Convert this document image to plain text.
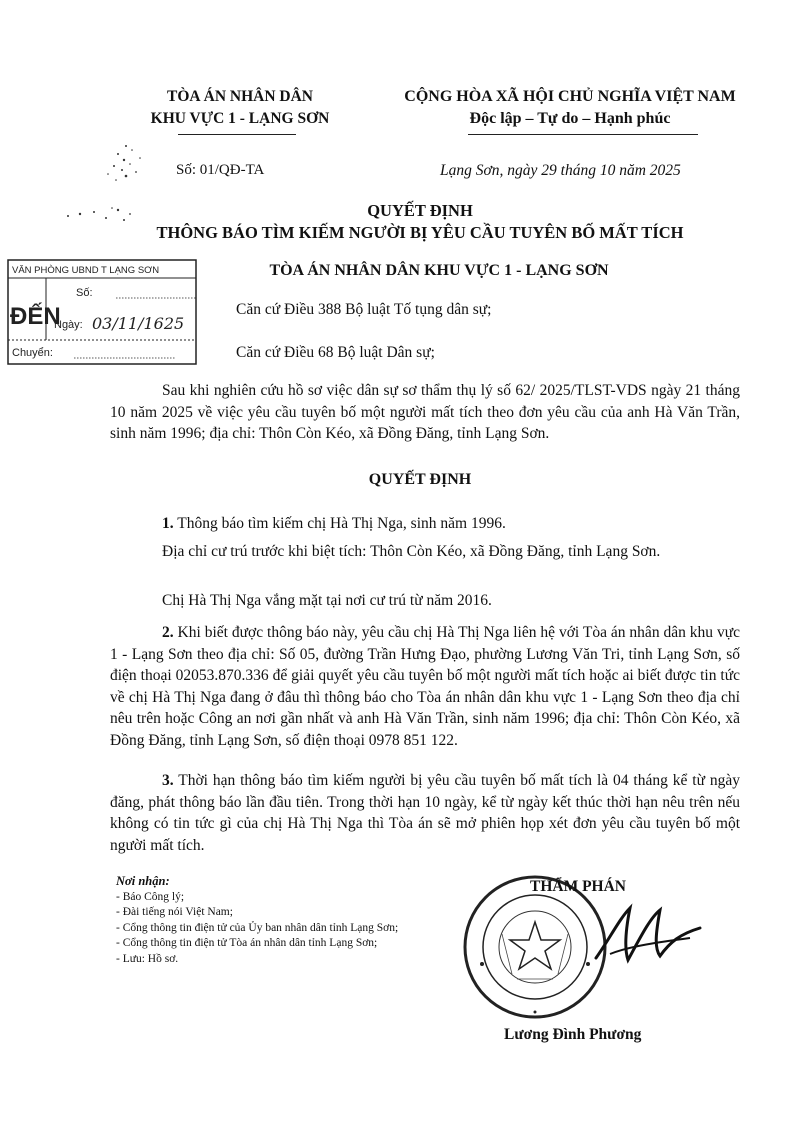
TÒA ÁN NHÂN DÂN
KHU VỰC 1 - LẠNG SƠN
CỘNG HÒA XÃ HỘI CHỦ NGHĨA VIỆT NAM
Độc lập – Tự do – Hạnh phúc
Số: 01/QĐ-TA	Lạng Sơn, ngày 29 tháng 10 năm 2025
QUYẾT ĐỊNH
THÔNG BÁO TÌM KIẾM NGƯỜI BỊ YÊU CẦU TUYÊN BỐ MẤT TÍCH
TÒA ÁN NHÂN DÂN KHU VỰC 1 - LẠNG SƠN
VĂN PHÒNG UBND T LẠNG SƠN
ĐẾN
Số:
Ngày: 03/11/1625
Chuyển:
Căn cứ Điều 388 Bộ luật Tố tụng dân sự;
Căn cứ Điều 68 Bộ luật Dân sự;
Sau khi nghiên cứu hồ sơ việc dân sự sơ thẩm thụ lý số 62/ 2025/TLST-VDS ngày 21 tháng 10 năm 2025 về việc yêu cầu tuyên bố một người mất tích theo đơn yêu cầu của anh Hà Văn Trần, sinh năm 1996; địa chỉ: Thôn Còn Kéo, xã Đồng Đăng, tỉnh Lạng Sơn.
QUYẾT ĐỊNH
1. Thông báo tìm kiếm chị Hà Thị Nga, sinh năm 1996.
Địa chỉ cư trú trước khi biệt tích: Thôn Còn Kéo, xã Đồng Đăng, tỉnh Lạng Sơn.
Chị Hà Thị Nga vắng mặt tại nơi cư trú từ năm 2016.
2. Khi biết được thông báo này, yêu cầu chị Hà Thị Nga liên hệ với Tòa án nhân dân khu vực 1 - Lạng Sơn theo địa chỉ: Số 05, đường Trần Hưng Đạo, phường Lương Văn Tri, tỉnh Lạng Sơn, số điện thoại 02053.870.336 để giải quyết yêu cầu tuyên bố một người mất tích hoặc ai biết được tin tức về chị Hà Thị Nga đang ở đâu thì thông báo cho Tòa án nhân dân khu vực 1 - Lạng Sơn theo địa chỉ nêu trên hoặc Công an nơi gần nhất và anh Hà Văn Trần, sinh năm 1996; địa chỉ: Thôn Còn Kéo, xã Đồng Đăng, tỉnh Lạng Sơn, số điện thoại 0978 851 122.
3. Thời hạn thông báo tìm kiếm người bị yêu cầu tuyên bố mất tích là 04 tháng kể từ ngày đăng, phát thông báo lần đầu tiên. Trong thời hạn 10 ngày, kể từ ngày kết thúc thời hạn nêu trên nếu không có tin tức gì của chị Hà Thị Nga thì Tòa án sẽ mở phiên họp xét đơn yêu cầu tuyên bố một người mất tích.
Nơi nhận:
- Báo Công lý;
- Đài tiếng nói Việt Nam;
- Cổng thông tin điện tử của Ủy ban nhân dân tỉnh Lạng Sơn;
- Cổng thông tin điện tử Tòa án nhân dân tỉnh Lạng Sơn;
- Lưu: Hồ sơ.
THẨM PHÁN
Lương Đình Phương
